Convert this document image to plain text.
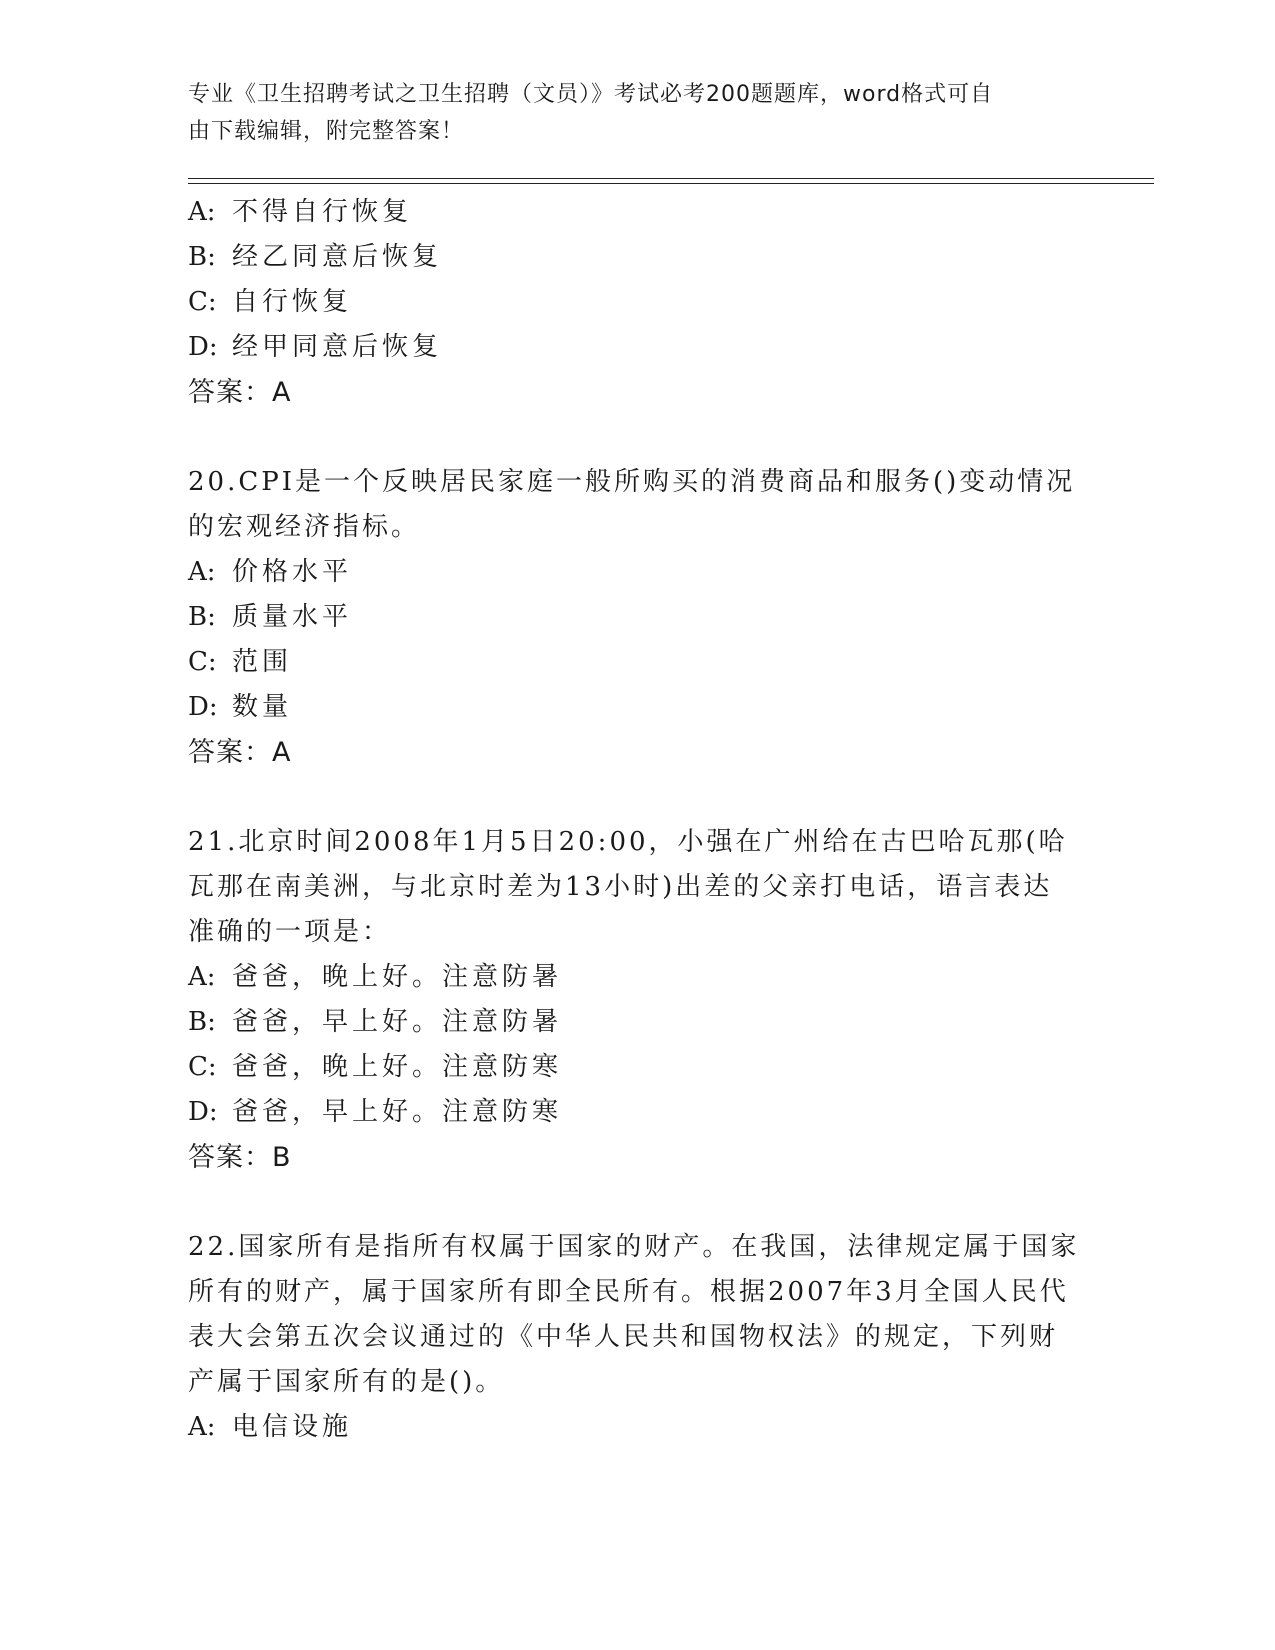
专业《卫生招聘考试之卫生招聘（文员）》考试必考200题题库，word格式可自
由下载编辑，附完整答案！
A: 不得自行恢复
B: 经乙同意后恢复
C: 自行恢复
D: 经甲同意后恢复
答案：A
20.CPI是一个反映居民家庭一般所购买的消费商品和服务()变动情况
的宏观经济指标。
A: 价格水平
B: 质量水平
C: 范围
D: 数量
答案：A
21.北京时间2008年1月5日20:00，小强在广州给在古巴哈瓦那(哈
瓦那在南美洲，与北京时差为13小时)出差的父亲打电话，语言表达
准确的一项是：
A: 爸爸，晚上好。注意防暑
B: 爸爸，早上好。注意防暑
C: 爸爸，晚上好。注意防寒
D: 爸爸，早上好。注意防寒
答案：B
22.国家所有是指所有权属于国家的财产。在我国，法律规定属于国家
所有的财产，属于国家所有即全民所有。根据2007年3月全国人民代
表大会第五次会议通过的《中华人民共和国物权法》的规定，下列财
产属于国家所有的是()。
A: 电信设施
